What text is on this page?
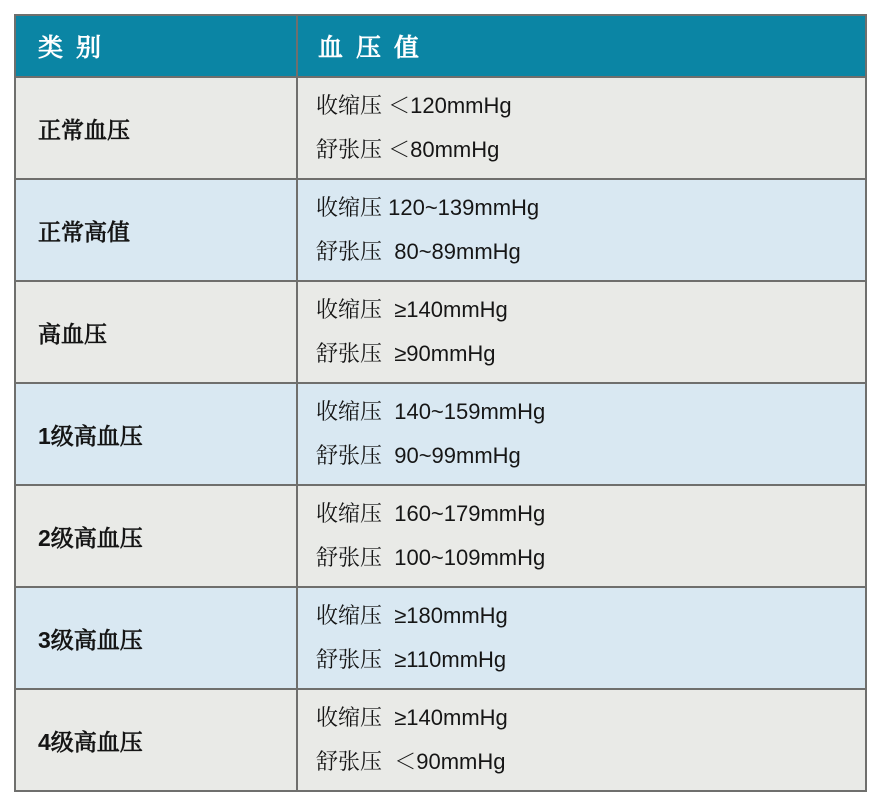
类 别	血 压 值
正常血压	收缩压 ＜120mmHg
舒张压 ＜80mmHg

正常高值	收缩压 120~139mmHg
舒张压  80~89mmHg

高血压	收缩压  ≥140mmHg
舒张压  ≥90mmHg

1级高血压	收缩压  140~159mmHg
舒张压  90~99mmHg

2级高血压	收缩压  160~179mmHg
舒张压  100~109mmHg

3级高血压	收缩压  ≥180mmHg
舒张压  ≥110mmHg

4级高血压	收缩压  ≥140mmHg
舒张压  ＜90mmHg
